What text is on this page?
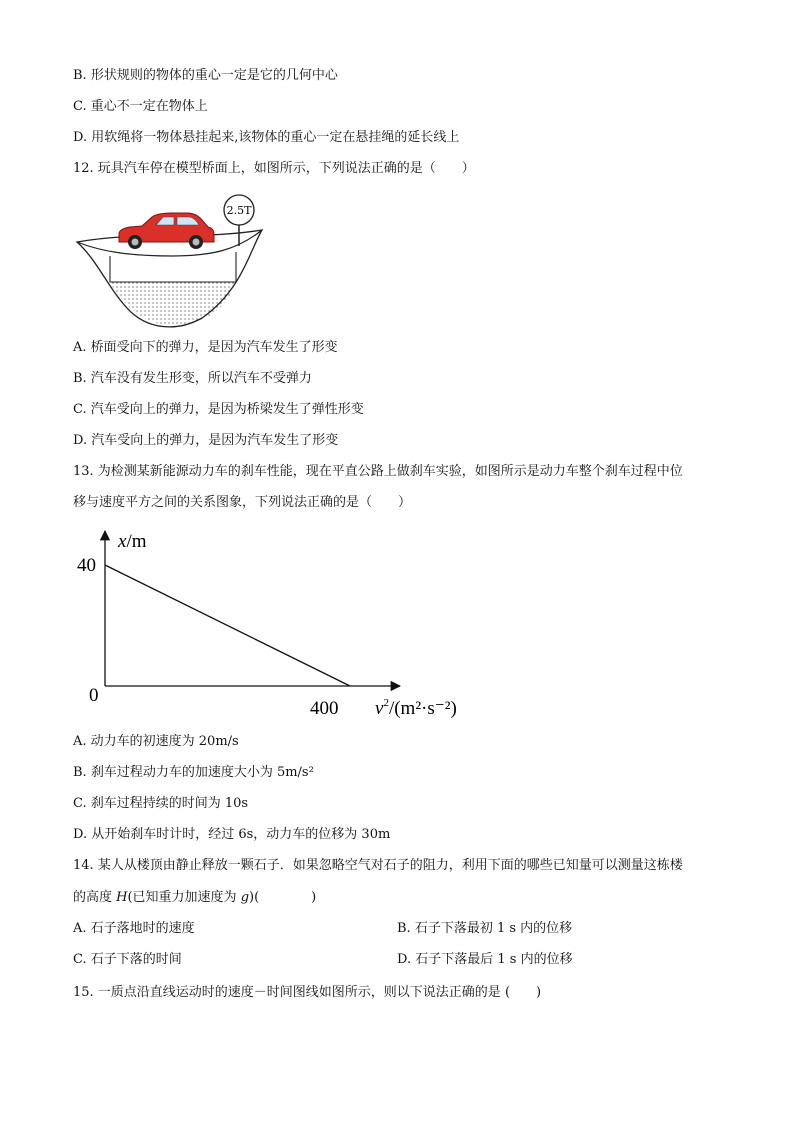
B. 形状规则的物体的重心一定是它的几何中心
C. 重心不一定在物体上
D. 用软绳将一物体悬挂起来,该物体的重心一定在悬挂绳的延长线上
12. 玩具汽车停在模型桥面上，如图所示，下列说法正确的是（　　）
2.5T
A. 桥面受向下的弹力，是因为汽车发生了形变
B. 汽车没有发生形变，所以汽车不受弹力
C. 汽车受向上的弹力，是因为桥梁发生了弹性形变
D. 汽车受向上的弹力，是因为汽车发生了形变
13. 为检测某新能源动力车的刹车性能，现在平直公路上做刹车实验，如图所示是动力车整个刹车过程中位
移与速度平方之间的关系图象，下列说法正确的是（　　）
x/m
40
0
400 $v^2/(m^2\cdot s^{-2})$
A. 动力车的初速度为 20m/s
B. 刹车过程动力车的加速度大小为 5m/s²
C. 刹车过程持续的时间为 10s
D. 从开始刹车时计时，经过 6s，动力车的位移为 30m
14. 某人从楼顶由静止释放一颗石子．如果忽略空气对石子的阻力，利用下面的哪些已知量可以测量这栋楼
的高度 H(已知重力加速度为 g)(　　　　)
A. 石子落地时的速度	B. 石子下落最初 1 s 内的位移
C. 石子下落的时间	D. 石子下落最后 1 s 内的位移
15. 一质点沿直线运动时的速度－时间图线如图所示，则以下说法正确的是 (　　)
